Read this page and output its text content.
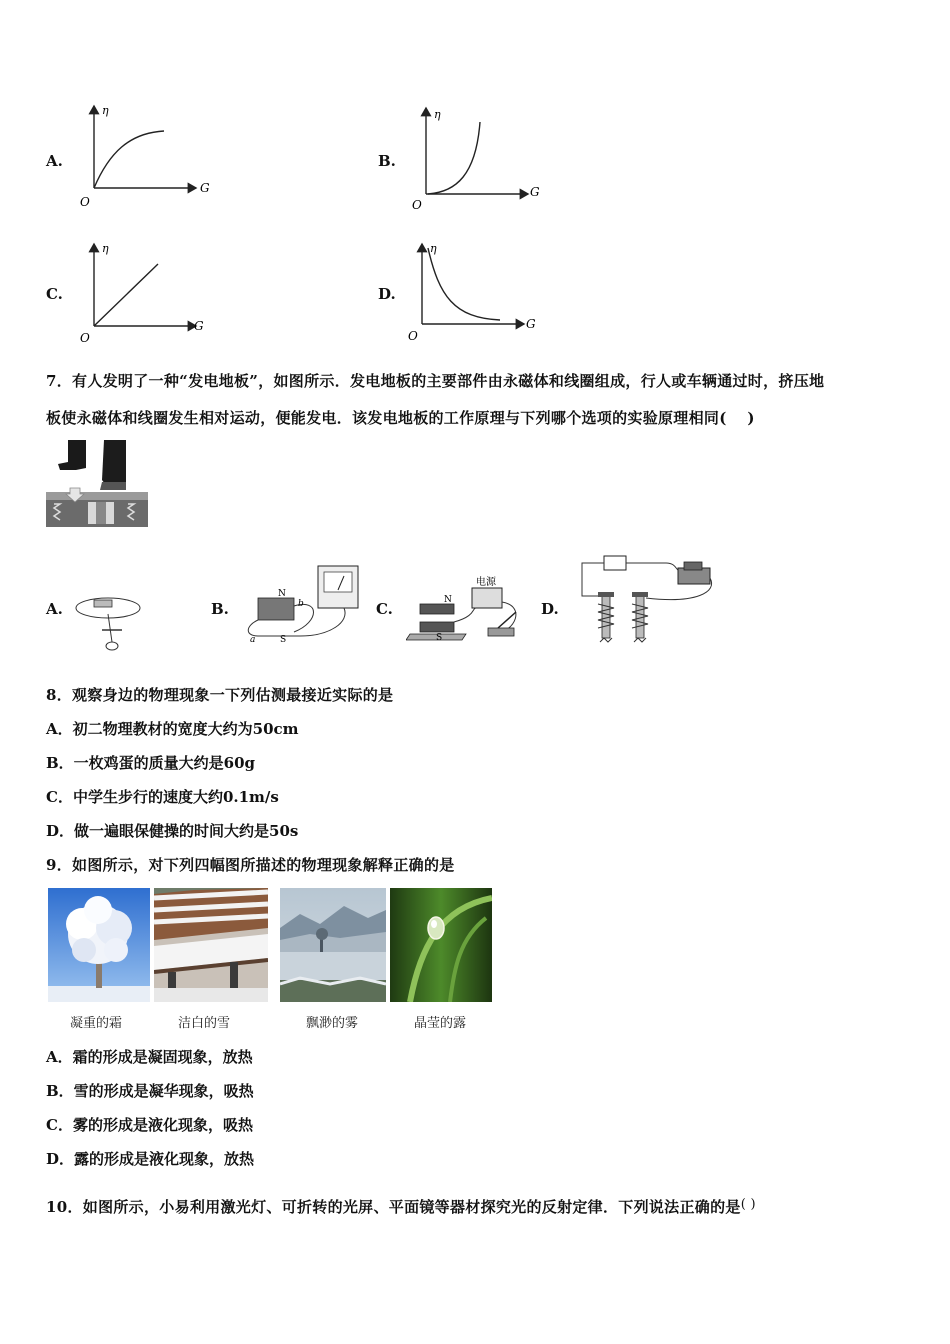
A.
η
G
O
B.
η
G
O
C.
η
G
O
D.
η
G
O
7．有人发明了一种“发电地板”，如图所示．发电地板的主要部件由永磁体和线圈组成，行人或车辆通过时，挤压地
板使永磁体和线圈发生相对运动，便能发电．该发电地板的工作原理与下列哪个选项的实验原理相同(　 )
A.	B.
N
S
a
b	C.
电源
N
S
D.
8．观察身边的物理现象一下列估测最接近实际的是
A．初二物理教材的宽度大约为50cm
B．一枚鸡蛋的质量大约是60g
C．中学生步行的速度大约0.1m/s
D．做一遍眼保健操的时间大约是50s
9．如图所示，对下列四幅图所描述的物理现象解释正确的是
凝重的霜	洁白的雪	飘渺的雾	晶莹的露
A．霜的形成是凝固现象，放热
B．雪的形成是凝华现象，吸热
C．雾的形成是液化现象，吸热
D．露的形成是液化现象，放热
10．如图所示，小易利用激光灯、可折转的光屏、平面镜等器材探究光的反射定律．下列说法正确的是( )
